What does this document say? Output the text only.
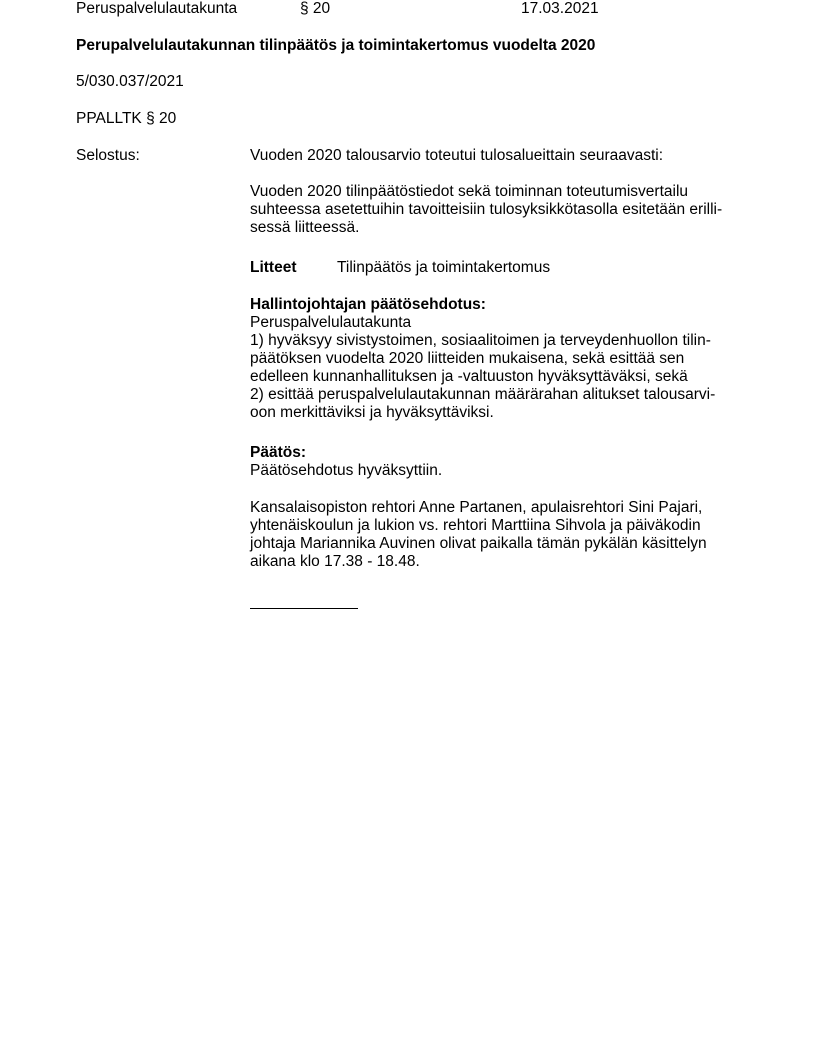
Peruspalvelulautakunta	§ 20	17.03.2021
Perupalvelulautakunnan tilinpäätös ja toimintakertomus vuodelta 2020
5/030.037/2021
PPALLTK § 20
Selostus:	Vuoden 2020 talousarvio toteutui tulosalueittain seuraavasti:
Vuoden 2020 tilinpäätöstiedot sekä toiminnan toteutumisvertailu
suhteessa asetettuihin tavoitteisiin tulosyksikkötasolla esitetään erilli-
sessä liitteessä.
Litteet	Tilinpäätös ja toimintakertomus
Hallintojohtajan päätösehdotus:
Peruspalvelulautakunta
1) hyväksyy sivistystoimen, sosiaalitoimen ja terveydenhuollon tilin-
päätöksen vuodelta 2020 liitteiden mukaisena, sekä esittää sen
edelleen kunnanhallituksen ja -valtuuston hyväksyttäväksi, sekä
2) esittää peruspalvelulautakunnan määrärahan alitukset talousarvi-
oon merkittäviksi ja hyväksyttäviksi.
Päätös:
Päätösehdotus hyväksyttiin.
Kansalaisopiston rehtori Anne Partanen, apulaisrehtori Sini Pajari,
yhtenäiskoulun ja lukion vs. rehtori Marttiina Sihvola ja päiväkodin
johtaja Mariannika Auvinen olivat paikalla tämän pykälän käsittelyn
aikana klo 17.38 - 18.48.
